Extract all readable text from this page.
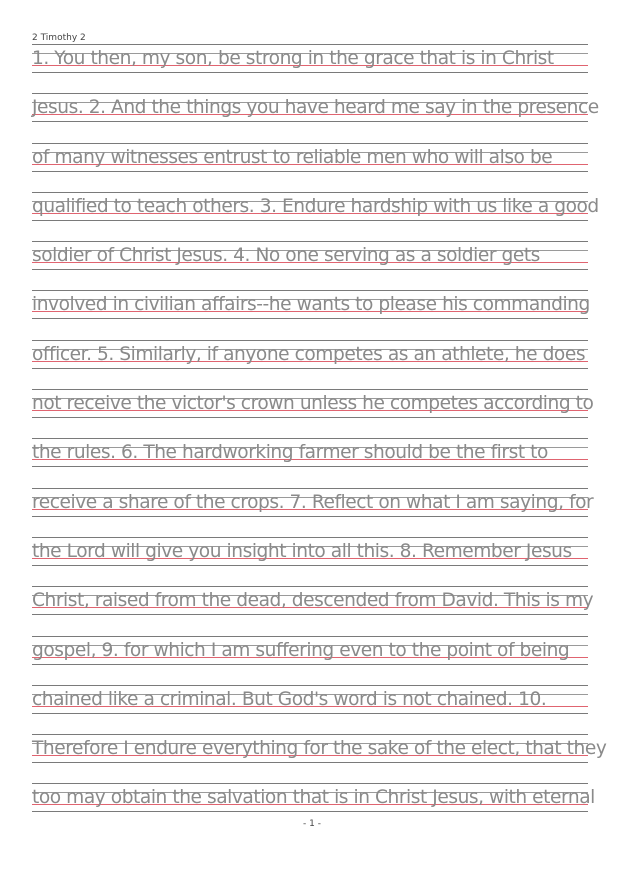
2 Timothy 2
1. You then, my son, be strong in the grace that is in Christ
Jesus. 2. And the things you have heard me say in the presence
of many witnesses entrust to reliable men who will also be
qualified to teach others. 3. Endure hardship with us like a good
soldier of Christ Jesus. 4. No one serving as a soldier gets
involved in civilian affairs--he wants to please his commanding
officer. 5. Similarly, if anyone competes as an athlete, he does
not receive the victor's crown unless he competes according to
the rules. 6. The hardworking farmer should be the first to
receive a share of the crops. 7. Reflect on what I am saying, for
the Lord will give you insight into all this. 8. Remember Jesus
Christ, raised from the dead, descended from David. This is my
gospel, 9. for which I am suffering even to the point of being
chained like a criminal. But God's word is not chained. 10.
Therefore I endure everything for the sake of the elect, that they
too may obtain the salvation that is in Christ Jesus, with eternal
- 1 -
